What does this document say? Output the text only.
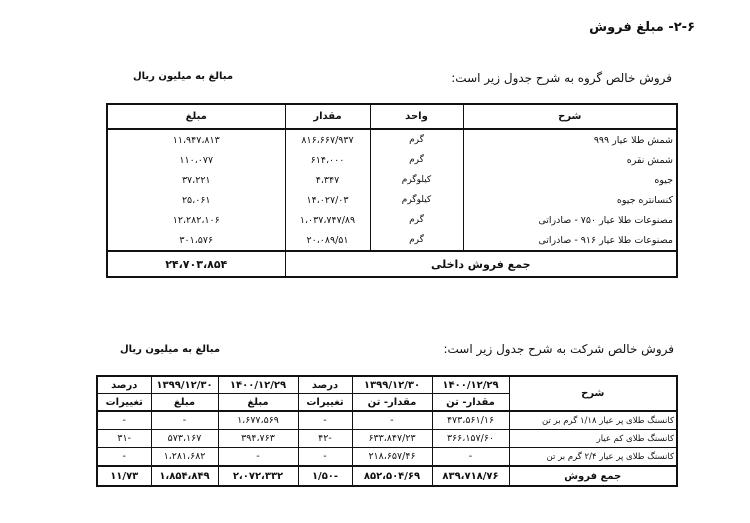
۲-۶- مبلغ فروش
فروش خالص گروه به شرح جدول زیر است:
مبالغ به میلیون ریال
شرح	واحد	مقدار	مبلغ
شمش طلا عیار ۹۹۹	گرم	۸۱۶،۶۶۷/۹۳۷	۱۱،۹۴۷،۸۱۳
شمش نقره	گرم	۶۱۴،۰۰۰	۱۱۰،۰۷۷
جیوه	کیلوگرم	۴،۳۴۷	۳۷،۲۲۱
کنسانتره جیوه	کیلوگرم	۱۴،۰۲۷/۰۳	۲۵،۰۶۱
مصنوعات طلا عیار ۷۵۰ - صادراتی	گرم	۱،۰۳۷،۷۴۷/۸۹	۱۲،۲۸۲،۱۰۶
مصنوعات طلا عیار ۹۱۶ - صادراتی	گرم	۲۰،۰۸۹/۵۱	۳۰۱،۵۷۶
جمع فروش داخلی			۲۴،۷۰۳،۸۵۴
فروش خالص شرکت به شرح جدول زیر است:
مبالغ به میلیون ریال
شرح	۱۴۰۰/۱۲/۲۹	۱۳۹۹/۱۲/۳۰	درصد	۱۴۰۰/۱۲/۲۹	۱۳۹۹/۱۲/۳۰	درصد
	مقدار- تن	مقدار- تن	تغییرات	مبلغ	مبلغ	تغییرات
کانسنگ طلای پر عیار ۱/۱۸ گرم بر تن	۴۷۳،۵۶۱/۱۶	-	-	۱،۶۷۷،۵۶۹	-	-
کانسنگ طلای کم عیار	۳۶۶،۱۵۷/۶۰	۶۳۳،۸۴۷/۲۳	-۴۲	۳۹۴،۷۶۳	۵۷۳،۱۶۷	-۳۱
کانسنگ طلای پر عیار ۲/۴ گرم بر تن	-	۲۱۸،۶۵۷/۴۶	-	-	۱،۲۸۱،۶۸۲	-
جمع فروش	۸۳۹،۷۱۸/۷۶	۸۵۲،۵۰۴/۶۹	-۱/۵۰	۲،۰۷۲،۳۳۲	۱،۸۵۴،۸۴۹	۱۱/۷۳
